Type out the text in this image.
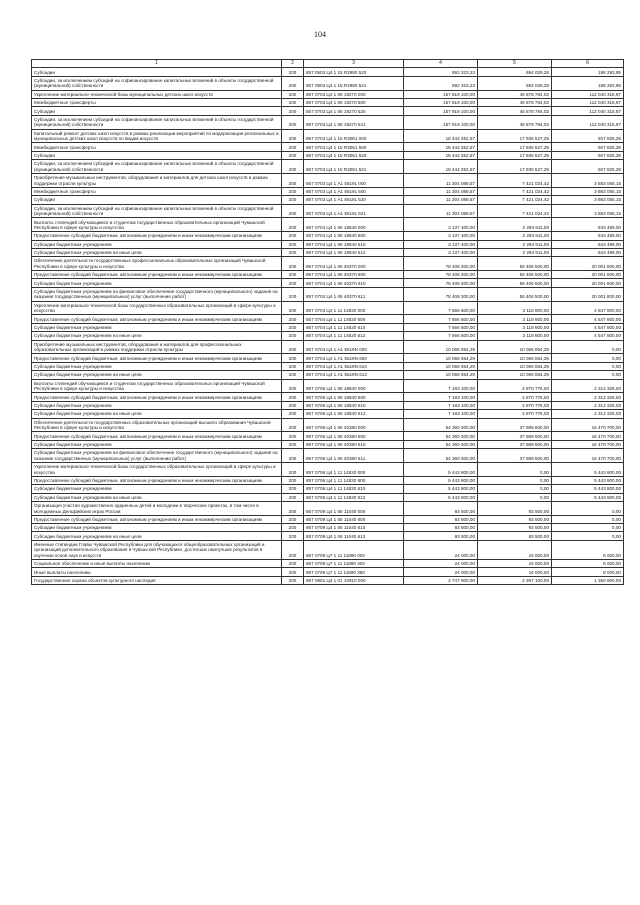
104
1	2	3	4	5	6
Субсидии	200	857 0503 Ц4 1 15 R2990 520	892 323,23	694 029,28	198 293,95
Субсидии, за исключением субсидий на софинансирование капитальных вложений в объекты государственной (муниципальной) собственности	200	857 0503 Ц4 1 15 R2990 521	892 323,23	694 029,28	198 293,95
Укрепление материально-технической базы муниципальных детских школ искусств	200	857 0703 Ц4 1 06 19270 000	157 919 100,00	45 878 784,03	112 040 315,97
Межбюджетные трансферты	200	857 0703 Ц4 1 06 19270 500	157 919 100,00	45 878 784,03	112 040 315,97
Субсидии	200	857 0703 Ц4 1 06 19270 520	157 919 100,00	45 878 784,03	112 040 315,97
Субсидии, за исключением субсидий на софинансирование капитальных вложений в объекты государственной (муниципальной) собственности	200	857 0703 Ц4 1 06 19270 521	157 919 100,00	45 878 784,03	112 040 315,97
Капитальный ремонт детских школ искусств в рамках реализации мероприятий по модернизации региональных и муниципальных детских школ искусств по видам искусств	200	857 0703 Ц4 1 15 R3061 000	18 444 352,57	17 936 527,29	507 825,28
Межбюджетные трансферты	200	857 0703 Ц4 1 15 R3061 500	18 444 352,57	17 936 527,29	507 825,28
Субсидии	200	857 0703 Ц4 1 15 R3061 520	18 444 352,57	17 936 527,29	507 825,28
Субсидии, за исключением субсидий на софинансирование капитальных вложений в объекты государственной (муниципальной) собственности	200	857 0703 Ц4 1 15 R3061 521	18 444 352,57	17 936 527,29	507 825,28
Приобретение музыкальных инструментов, оборудования и материалов для детских школ искусств в рамках поддержки отрасли культуры	200	857 0703 Ц4 1 А1 5519L 000	11 304 089,57	7 421 024,42	3 883 065,15
Межбюджетные трансферты	200	857 0703 Ц4 1 А1 5519L 500	11 304 089,57	7 421 024,42	3 883 065,15
Субсидии	200	857 0703 Ц4 1 А1 5519L 520	11 304 089,57	7 421 024,42	3 883 065,15
Субсидии, за исключением субсидий на софинансирование капитальных вложений в объекты государственной (муниципальной) собственности	200	857 0703 Ц4 1 А1 5519L 521	11 304 089,57	7 421 024,42	3 883 065,15
Выплаты стипендий обучающимся и студентам государственных образовательных организаций Чувашской Республики в сфере культуры и искусства	200	857 0704 Ц4 1 06 18840 000	3 137 400,00	2 293 911,00	843 489,00
Предоставление субсидий бюджетным, автономным учреждениям и иным некоммерческим организациям	200	857 0704 Ц4 1 06 18840 600	3 137 400,00	2 293 911,00	843 489,00
Субсидии бюджетным учреждениям	200	857 0704 Ц4 1 06 18840 610	3 137 400,00	2 293 911,00	843 489,00
Субсидии бюджетным учреждениям на иные цели	200	857 0704 Ц4 1 06 18840 612	3 137 400,00	2 293 911,00	843 489,00
Обеспечение деятельности государственных профессиональных образовательных организаций Чувашской Республики в сфере культуры и искусства	200	857 0704 Ц4 1 06 40370 000	78 408 300,00	58 406 500,00	20 001 800,00
Предоставление субсидий бюджетным, автономным учреждениям и иным некоммерческим организациям	200	857 0704 Ц4 1 06 40370 600	78 408 300,00	58 406 500,00	20 001 800,00
Субсидии бюджетным учреждениям	200	857 0704 Ц4 1 06 40370 610	78 408 300,00	58 406 500,00	20 001 800,00
Субсидии бюджетным учреждениям на финансовое обеспечение государственного (муниципального) задания на оказание государственных (муниципальных) услуг (выполнение работ)	200	857 0704 Ц4 1 06 40370 611	78 408 300,00	58 406 500,00	20 001 800,00
Укрепление материально-технической базы государственных образовательных организаций в сфере культуры и искусства	200	857 0704 Ц4 1 11 14820 000	7 666 600,00	3 118 800,00	4 547 800,00
Предоставление субсидий бюджетным, автономным учреждениям и иным некоммерческим организациям	200	857 0704 Ц4 1 11 14820 600	7 666 600,00	3 118 800,00	4 547 800,00
Субсидии бюджетным учреждениям	200	857 0704 Ц4 1 11 14820 610	7 666 600,00	3 118 800,00	4 547 800,00
Субсидии бюджетным учреждениям на иные цели	200	857 0704 Ц4 1 11 14820 612	7 666 600,00	3 118 800,00	4 547 800,00
Приобретение музыкальных инструментов, оборудования и материалов для профессиональных образовательных организаций в рамках поддержки отрасли культуры	200	857 0704 Ц4 1 А1 5519N 000	10 066 064,29	10 066 064,29	0,00
Предоставление субсидий бюджетным, автономным учреждениям и иным некоммерческим организациям	200	857 0704 Ц4 1 А1 5519N 600	10 066 064,29	10 066 064,29	0,00
Субсидии бюджетным учреждениям	200	857 0704 Ц4 1 А1 5519N 610	10 066 064,29	10 066 064,29	0,00
Субсидии бюджетным учреждениям на иные цели	200	857 0704 Ц4 1 А1 5519N 612	10 066 064,29	10 066 064,29	0,00
Выплаты стипендий обучающимся и студентам государственных образовательных организаций Чувашской Республики в сфере культуры и искусства	200	857 0706 Ц4 1 06 18840 000	7 183 100,00	4 870 775,00	2 312 325,00
Предоставление субсидий бюджетным, автономным учреждениям и иным некоммерческим организациям	200	857 0706 Ц4 1 06 18840 600	7 183 100,00	4 870 775,00	2 312 325,00
Субсидии бюджетным учреждениям	200	857 0706 Ц4 1 06 18840 610	7 183 100,00	4 870 775,00	2 312 325,00
Субсидии бюджетным учреждениям на иные цели	200	857 0706 Ц4 1 06 18840 612	7 183 100,00	4 870 775,00	2 312 325,00
Обеспечение деятельности государственных образовательных организаций высшего образования Чувашской Республики в сфере культуры и искусства	200	857 0706 Ц4 1 06 40380 000	54 360 300,00	37 889 600,00	16 470 700,00
Предоставление субсидий бюджетным, автономным учреждениям и иным некоммерческим организациям	200	857 0706 Ц4 1 06 40380 600	54 360 300,00	37 889 600,00	16 470 700,00
Субсидии бюджетным учреждениям	200	857 0706 Ц4 1 06 40380 610	54 360 300,00	37 889 600,00	16 470 700,00
Субсидии бюджетным учреждениям на финансовое обеспечение государственного (муниципального) задания на оказание государственных (муниципальных) услуг (выполнение работ)	200	857 0706 Ц4 1 06 40380 611	54 360 300,00	37 889 600,00	16 470 700,00
Укрепление материально-технической базы государственных образовательных организаций в сфере культуры и искусства	200	857 0706 Ц4 1 11 14820 000	5 443 800,00	0,00	5 443 800,00
Предоставление субсидий бюджетным, автономным учреждениям и иным некоммерческим организациям	200	857 0706 Ц4 1 11 14820 600	5 443 800,00	0,00	5 443 800,00
Субсидии бюджетным учреждениям	200	857 0706 Ц4 1 11 14820 610	5 443 800,00	0,00	5 443 800,00
Субсидии бюджетным учреждениям на иные цели	200	857 0706 Ц4 1 11 14820 612	5 443 800,00	0,00	5 443 800,00
Организация участия художественно одаренных детей и молодежи в творческих проектах, в том числе в молодежных Дельфийских играх России	200	857 0709 Ц4 1 06 11040 000	93 500,00	93 500,00	0,00
Предоставление субсидий бюджетным, автономным учреждениям и иным некоммерческим организациям	200	857 0709 Ц4 1 06 11040 600	93 500,00	93 500,00	0,00
Субсидии бюджетным учреждениям	200	857 0709 Ц4 1 06 11040 610	93 500,00	93 500,00	0,00
Субсидии бюджетным учреждениям на иные цели	200	857 0709 Ц4 1 06 11040 612	93 500,00	93 500,00	0,00
Именные стипендии Главы Чувашской Республики для обучающихся общеобразовательных организаций и организаций дополнительного образования в Чувашской Республике, достигших наилучших результатов в изучении основ наук и искусств	200	857 0709 Ц7 1 11 11890 000	24 000,00	16 000,00	8 000,00
Социальное обеспечение и иные выплаты населению	200	857 0709 Ц7 1 11 11890 300	24 000,00	16 000,00	8 000,00
Иные выплаты населению	200	857 0709 Ц7 1 11 11890 360	24 000,00	16 000,00	8 000,00
Государственная охрана объектов культурного наследия	200	857 0801 Ц4 1 01 10910 000	3 747 900,00	2 397 100,00	1 350 800,00
